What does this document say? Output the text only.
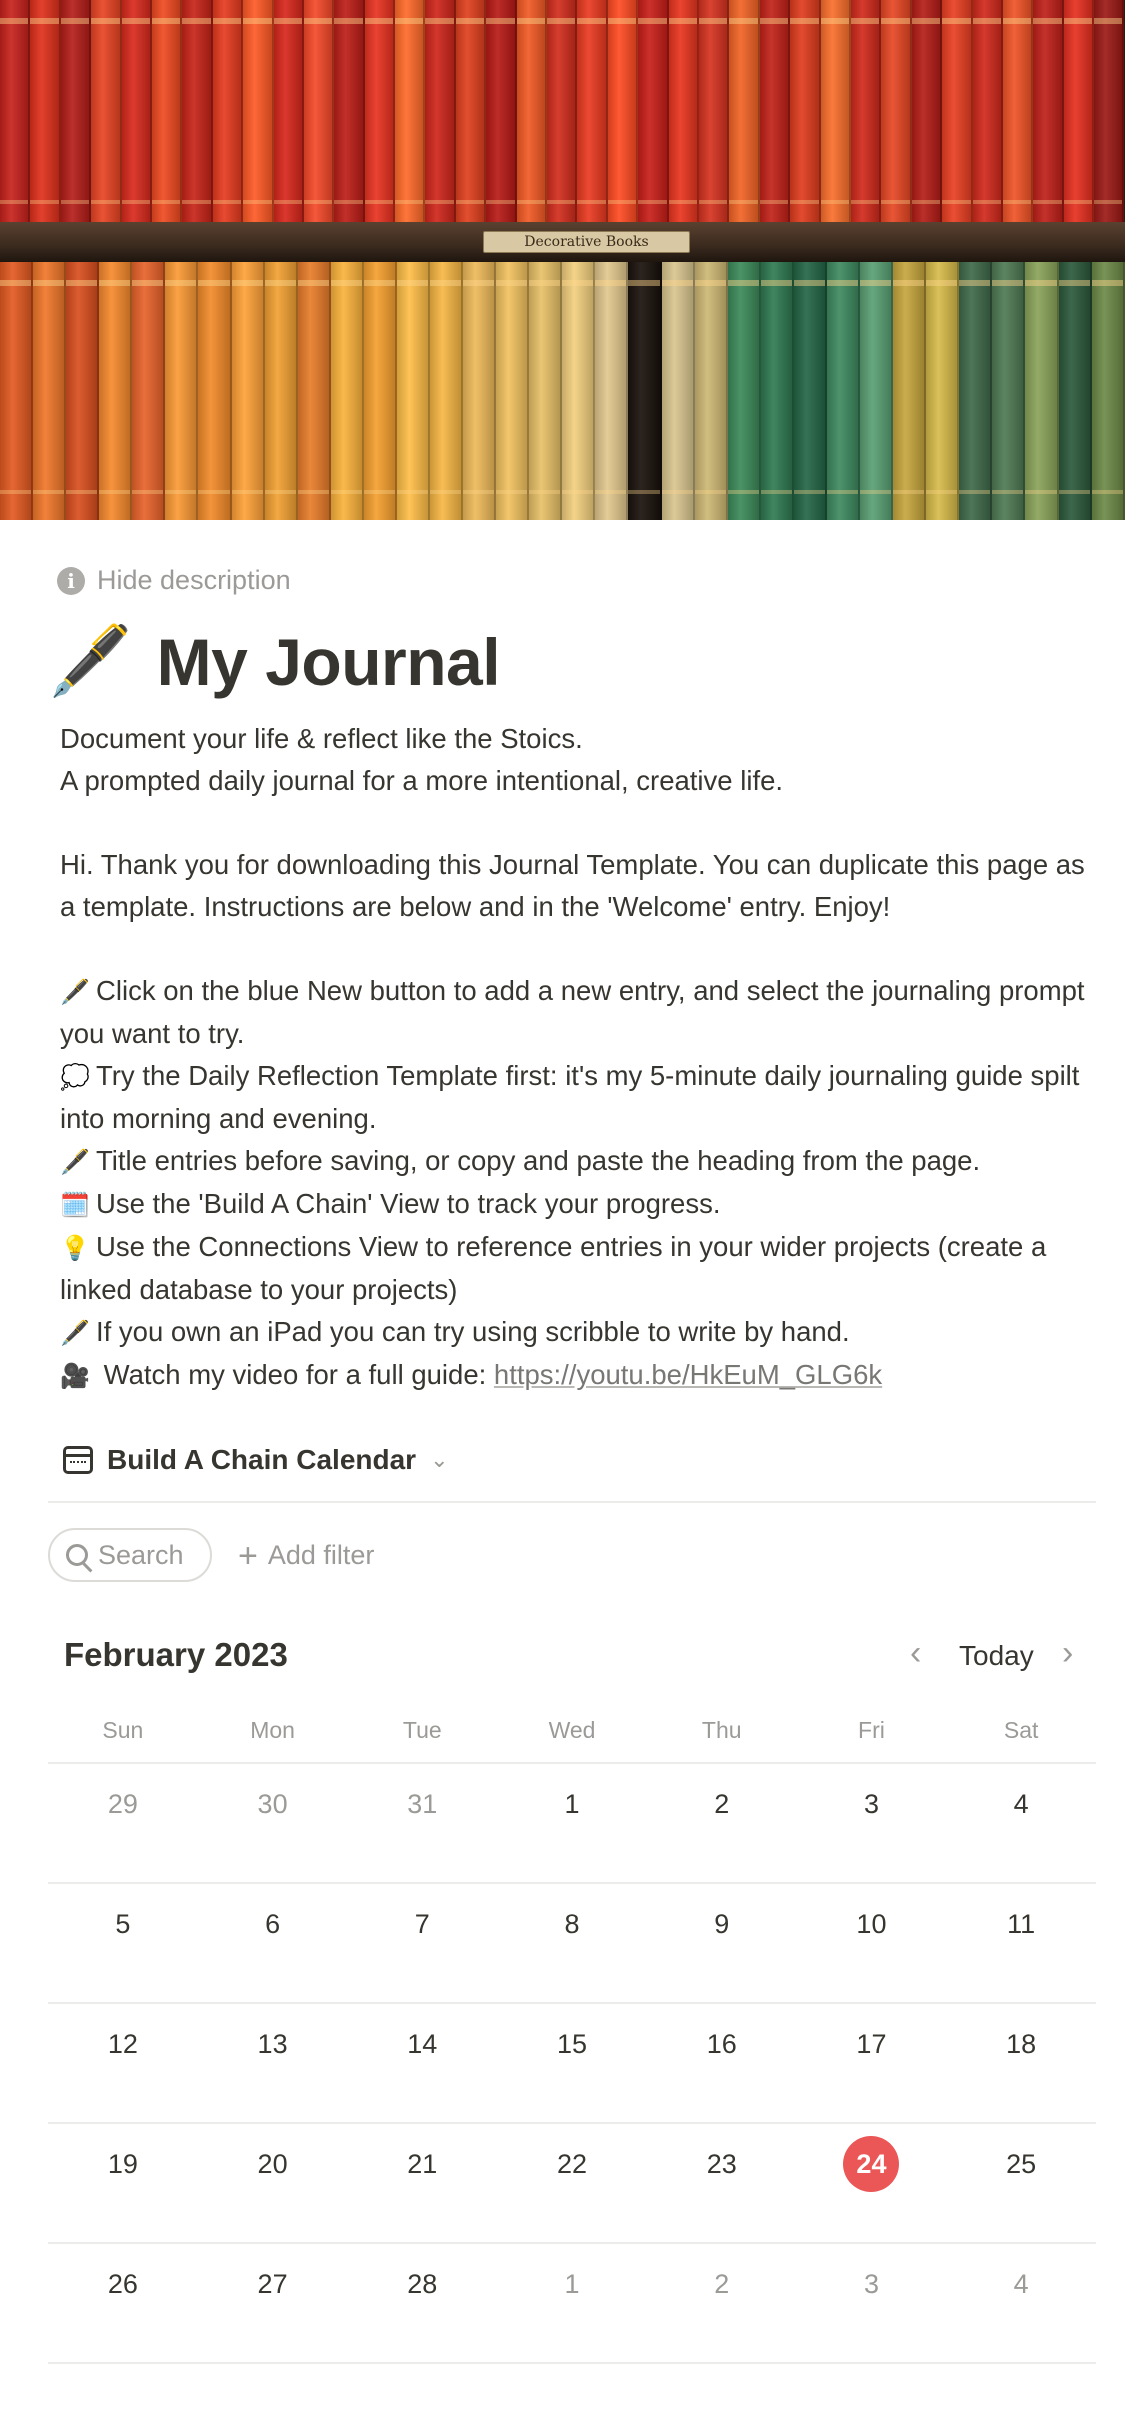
Decorative Books
i Hide description
🖋️ My Journal

Document your life & reflect like the Stoics.

A prompted daily journal for a more intentional, creative life.

Hi. Thank you for downloading this Journal Template. You can duplicate this page as a template. Instructions are below and in the 'Welcome' entry. Enjoy!

🖋️ Click on the blue New button to add a new entry, and select the journaling prompt you want to try.

💭 Try the Daily Reflection Template first: it's my 5-minute daily journaling guide spilt into morning and evening.

🖋️ Title entries before saving, or copy and paste the heading from the page.

🗓️ Use the 'Build A Chain' View to track your progress.

💡 Use the Connections View to reference entries in your wider projects (create a linked database to your projects)

🖋️ If you own an iPad you can try using scribble to write by hand.

🎥 Watch my video for a full guide: https://youtu.be/HkEuM_GLG6k

Build A Chain Calendar ⌄
Search + Add filter
February 2023	‹ Today ›
Sun	Mon	Tue	Wed	Thu	Fri	Sat
29	30	31	1	2	3	4
5	6	7	8	9	10	11
12	13	14	15	16	17	18
19	20	21	22	23	24	25
26	27	28	1	2	3	4
